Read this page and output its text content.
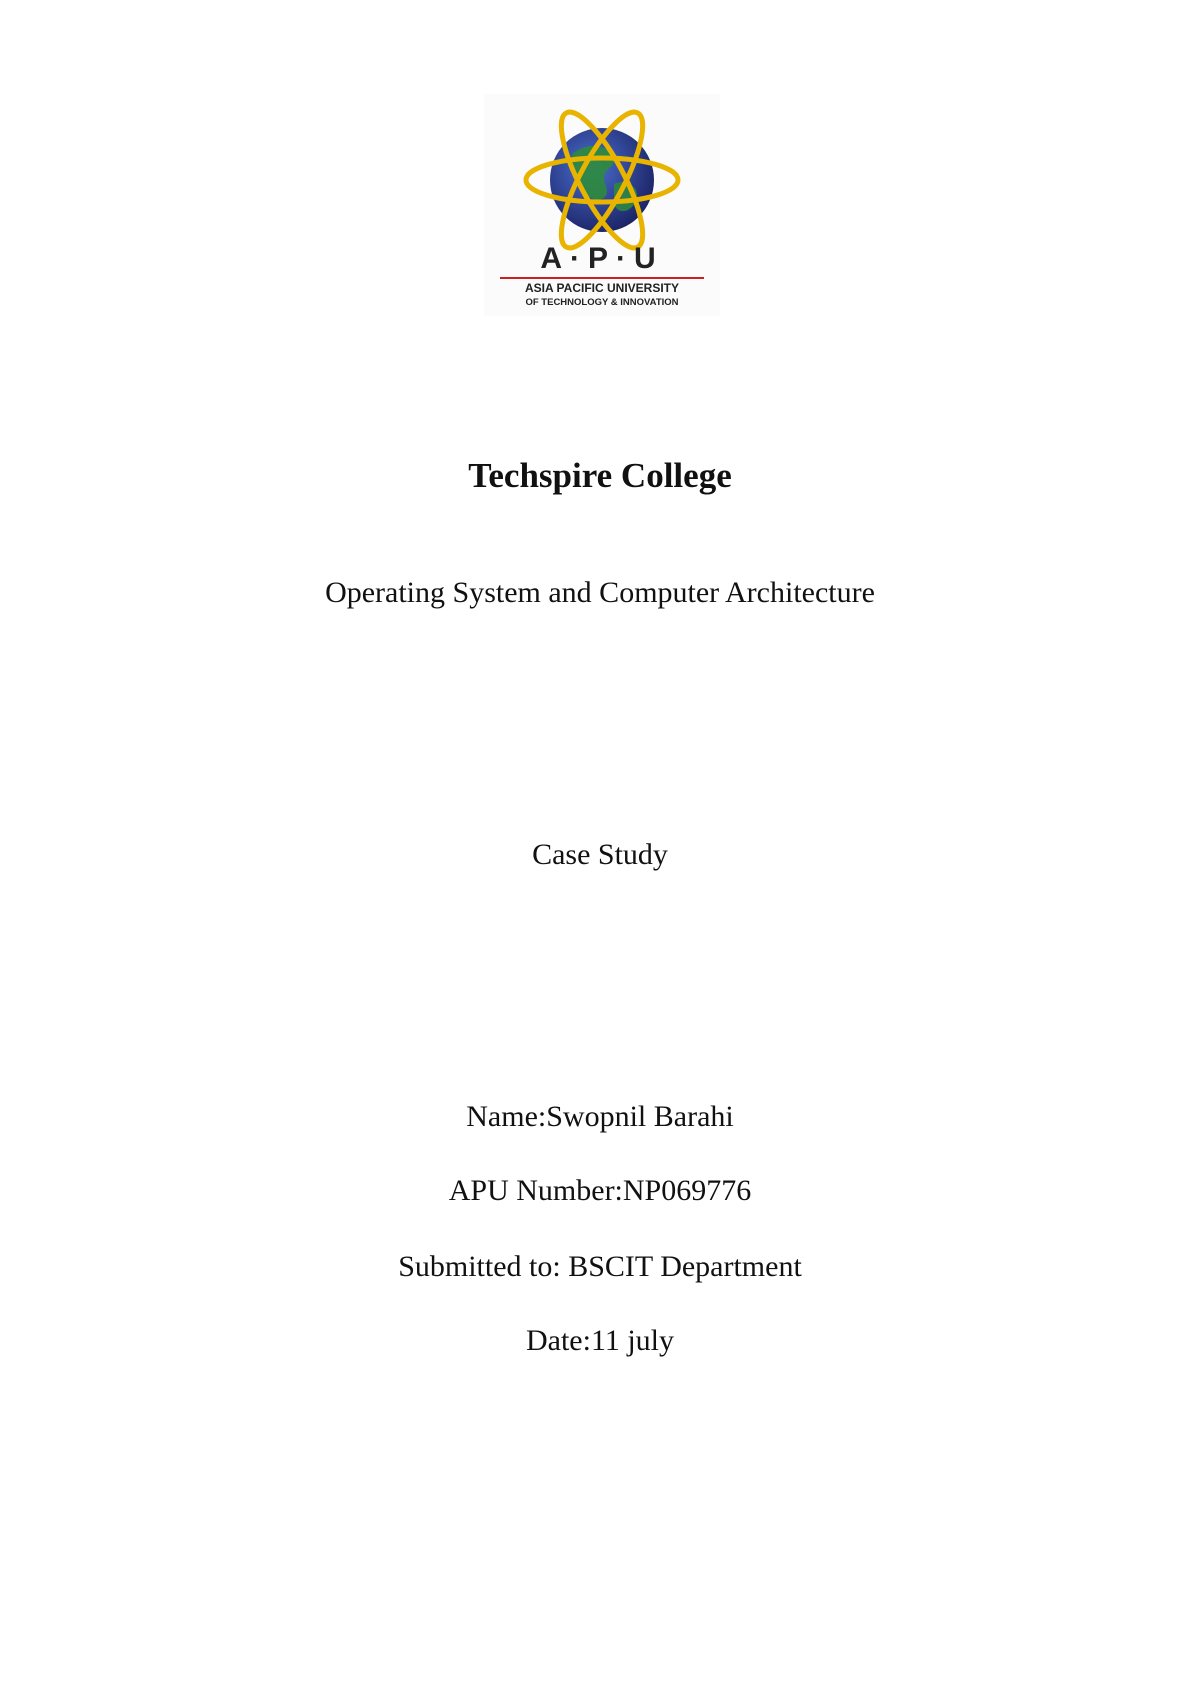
A·P·U
ASIA PACIFIC UNIVERSITY
OF TECHNOLOGY & INNOVATION
Techspire College
Operating System and Computer Architecture
Case Study
Name:Swopnil Barahi
APU Number:NP069776
Submitted to: BSCIT Department
Date:11 july
